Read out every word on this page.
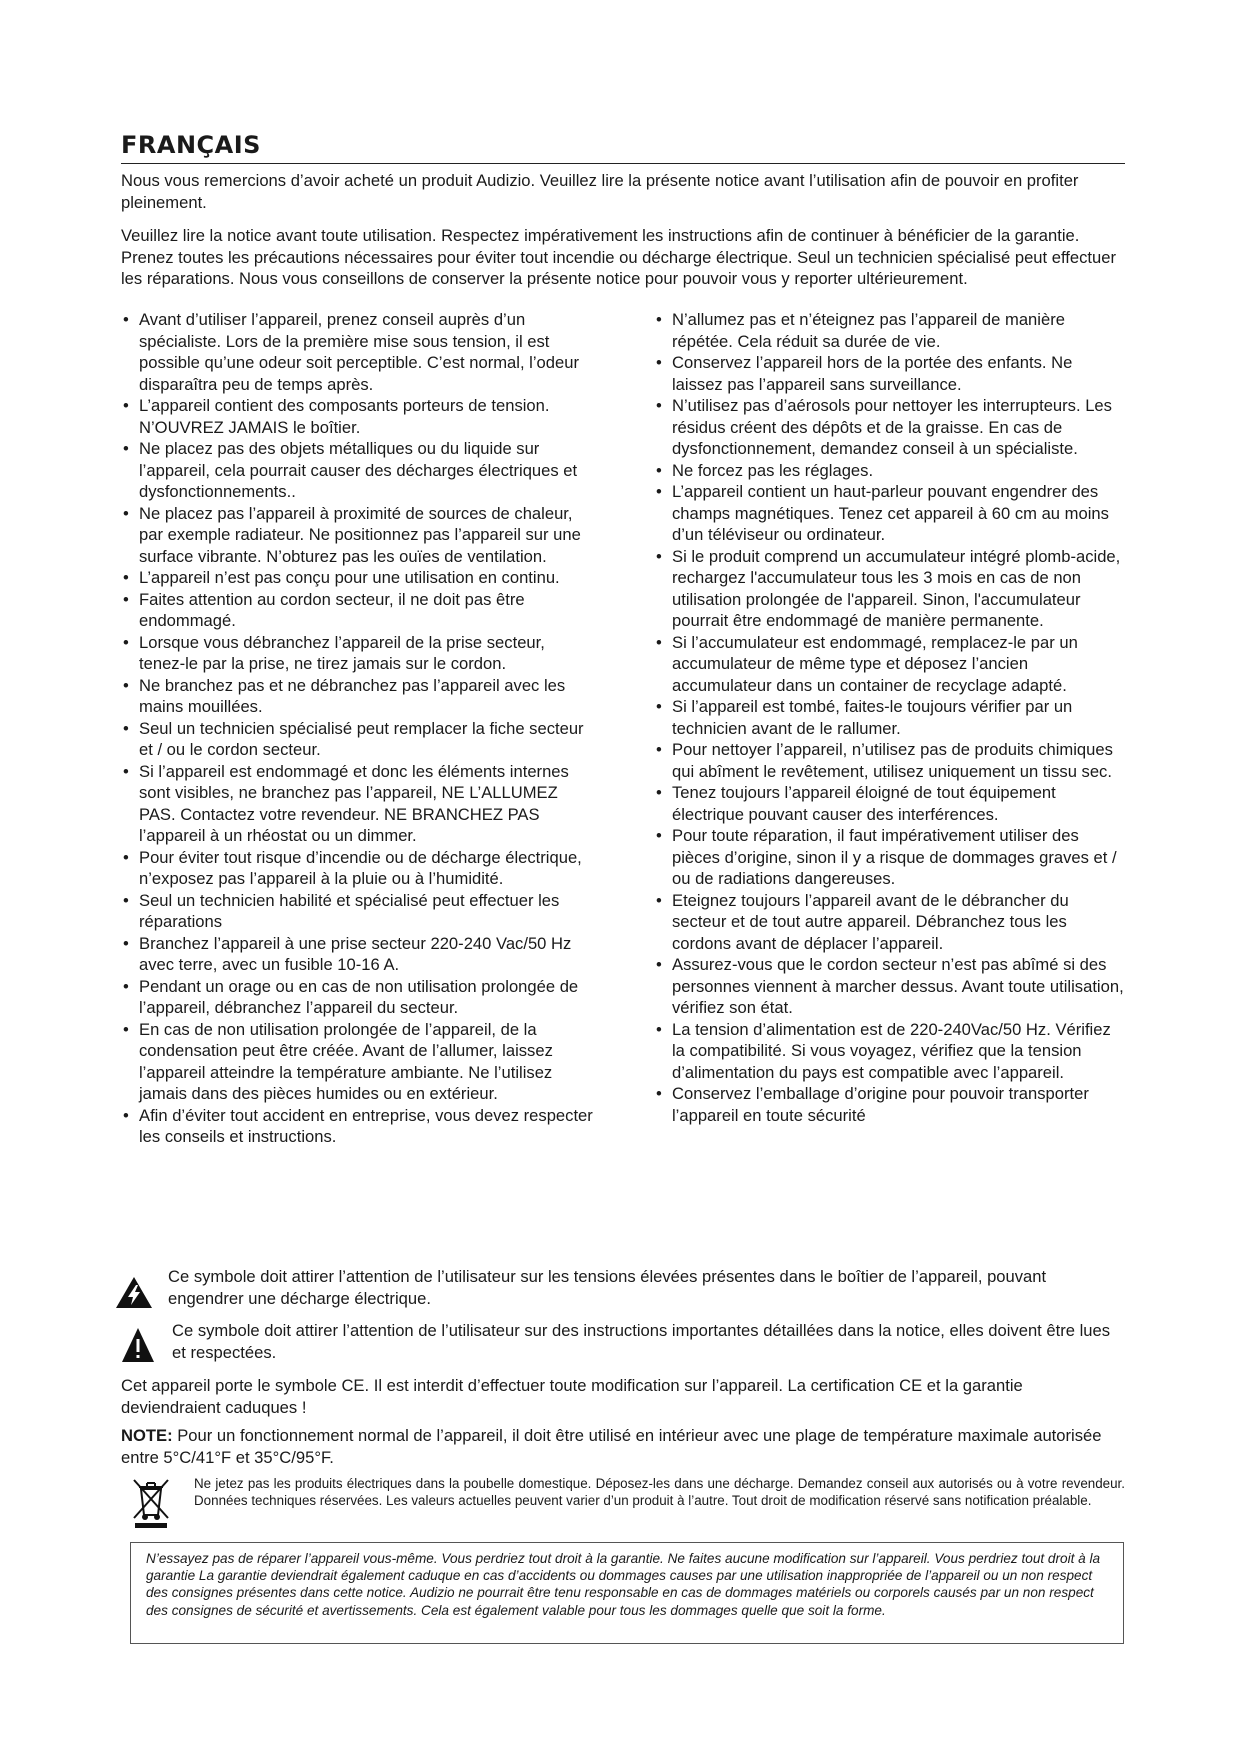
FRANÇAIS

Nous vous remercions d’avoir acheté un produit Audizio. Veuillez lire la présente notice avant l’utilisation afin de pouvoir en profiter pleinement.

Veuillez lire la notice avant toute utilisation. Respectez impérativement les instructions afin de continuer à bénéficier de la garantie. Prenez toutes les précautions nécessaires pour éviter tout incendie ou décharge électrique. Seul un technicien spécialisé peut effectuer les réparations. Nous vous conseillons de conserver la présente notice pour pouvoir vous y reporter ultérieurement.

• Avant d’utiliser l’appareil, prenez conseil auprès d’un spécialiste. Lors de la première mise sous tension, il est possible qu’une odeur soit perceptible. C’est normal, l’odeur disparaîtra peu de temps après.
• L’appareil contient des composants porteurs de tension. N’OUVREZ JAMAIS le boîtier.
• Ne placez pas des objets métalliques ou du liquide sur l’appareil, cela pourrait causer des décharges électriques et dysfonctionnements..
• Ne placez pas l’appareil à proximité de sources de chaleur, par exemple radiateur. Ne positionnez pas l’appareil sur une surface vibrante. N’obturez pas les ouïes de ventilation.
• L’appareil n’est pas conçu pour une utilisation en continu.
• Faites attention au cordon secteur, il ne doit pas être endommagé.
• Lorsque vous débranchez l’appareil de la prise secteur, tenez-le par la prise, ne tirez jamais sur le cordon.
• Ne branchez pas et ne débranchez pas l’appareil avec les mains mouillées.
• Seul un technicien spécialisé peut remplacer la fiche secteur et / ou le cordon secteur.
• Si l’appareil est endommagé et donc les éléments internes sont visibles, ne branchez pas l’appareil, NE L’ALLUMEZ PAS. Contactez votre revendeur. NE BRANCHEZ PAS l’appareil à un rhéostat ou un dimmer.
• Pour éviter tout risque d’incendie ou de décharge électrique, n’exposez pas l’appareil à la pluie ou à l’humidité.
• Seul un technicien habilité et spécialisé peut effectuer les réparations
• Branchez l’appareil à une prise secteur 220-240 Vac/50 Hz avec terre, avec un fusible 10-16 A.
• Pendant un orage ou en cas de non utilisation prolongée de l’appareil, débranchez l’appareil du secteur.
• En cas de non utilisation prolongée de l’appareil, de la condensation peut être créée. Avant de l’allumer, laissez l’appareil atteindre la température ambiante. Ne l’utilisez jamais dans des pièces humides ou en extérieur.
• Afin d’éviter tout accident en entreprise, vous devez respecter les conseils et instructions.
• N’allumez pas et n’éteignez pas l’appareil de manière répétée. Cela réduit sa durée de vie.
• Conservez l’appareil hors de la portée des enfants. Ne laissez pas l’appareil sans surveillance.
• N’utilisez pas d’aérosols pour nettoyer les interrupteurs. Les résidus créent des dépôts et de la graisse. En cas de dysfonctionnement, demandez conseil à un spécialiste.
• Ne forcez pas les réglages.
• L’appareil contient un haut-parleur pouvant engendrer des champs magnétiques. Tenez cet appareil à 60 cm au moins d’un téléviseur ou ordinateur.
• Si le produit comprend un accumulateur intégré plomb-acide, rechargez l'accumulateur tous les 3 mois en cas de non utilisation prolongée de l'appareil. Sinon, l'accumulateur pourrait être endommagé de manière permanente.
• Si l’accumulateur est endommagé, remplacez-le par un accumulateur de même type et déposez l’ancien accumulateur dans un container de recyclage adapté.
• Si l’appareil est tombé, faites-le toujours vérifier par un technicien avant de le rallumer.
• Pour nettoyer l’appareil, n’utilisez pas de produits chimiques qui abîment le revêtement, utilisez uniquement un tissu sec.
• Tenez toujours l’appareil éloigné de tout équipement électrique pouvant causer des interférences.
• Pour toute réparation, il faut impérativement utiliser des pièces d’origine, sinon il y a risque de dommages graves et / ou de radiations dangereuses.
• Eteignez toujours l’appareil avant de le débrancher du secteur et de tout autre appareil. Débranchez tous les cordons avant de déplacer l’appareil.
• Assurez-vous que le cordon secteur n’est pas abîmé si des personnes viennent à marcher dessus. Avant toute utilisation, vérifiez son état.
• La tension d’alimentation est de 220-240Vac/50 Hz. Vérifiez la compatibilité. Si vous voyagez, vérifiez que la tension d’alimentation du pays est compatible avec l’appareil.
• Conservez l’emballage d’origine pour pouvoir transporter l’appareil en toute sécurité
Ce symbole doit attirer l’attention de l’utilisateur sur les tensions élevées présentes dans le boîtier de l’appareil, pouvant engendrer une décharge électrique.
Ce symbole doit attirer l’attention de l’utilisateur sur des instructions importantes détaillées dans la notice, elles doivent être lues et respectées.

Cet appareil porte le symbole CE. Il est interdit d’effectuer toute modification sur l’appareil. La certification CE et la garantie deviendraient caduques !

NOTE: Pour un fonctionnement normal de l’appareil, il doit être utilisé en intérieur avec une plage de température maximale autorisée entre 5°C/41°F et 35°C/95°F.

Ne jetez pas les produits électriques dans la poubelle domestique. Déposez-les dans une décharge. Demandez conseil aux autorisés ou à votre revendeur. Données techniques réservées. Les valeurs actuelles peuvent varier d’un produit à l’autre. Tout droit de modification réservé sans notification préalable.
N’essayez pas de réparer l’appareil vous-même. Vous perdriez tout droit à la garantie. Ne faites aucune modification sur l’appareil. Vous perdriez tout droit à la garantie La garantie deviendrait également caduque en cas d’accidents ou dommages causes par une utilisation inappropriée de l’appareil ou un non respect des consignes présentes dans cette notice. Audizio ne pourrait être tenu responsable en cas de dommages matériels ou corporels causés par un non respect des consignes de sécurité et avertissements. Cela est également valable pour tous les dommages quelle que soit la forme.
